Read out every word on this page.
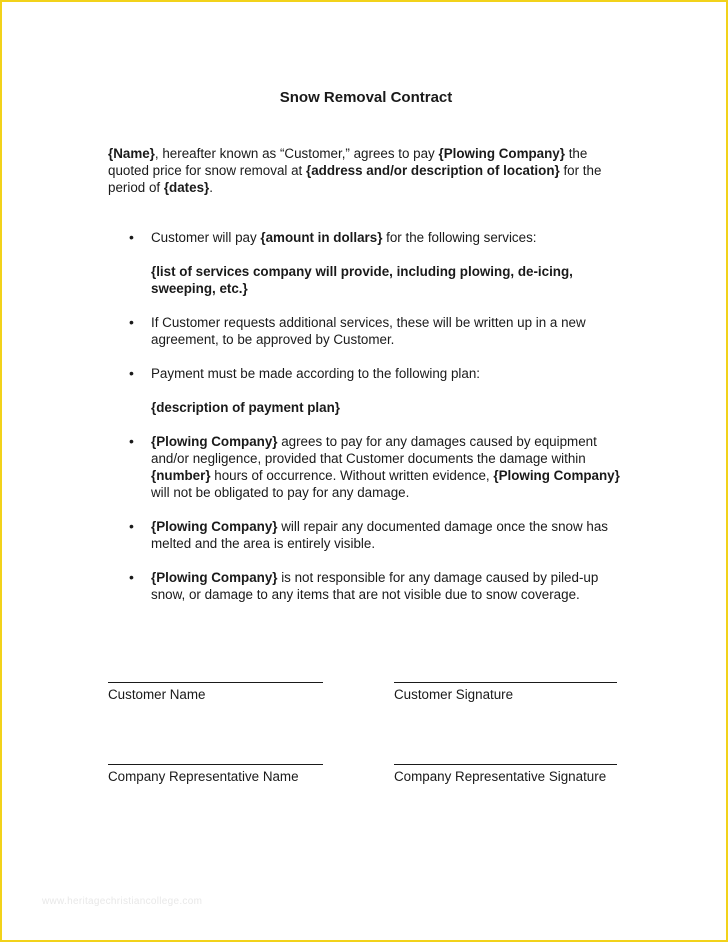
Snow Removal Contract
{Name}, hereafter known as “Customer,” agrees to pay {Plowing Company} the quoted price for snow removal at {address and/or description of location} for the period of {dates}.
• Customer will pay {amount in dollars} for the following services:
{list of services company will provide, including plowing, de-icing, sweeping, etc.}
• If Customer requests additional services, these will be written up in a new agreement, to be approved by Customer.
• Payment must be made according to the following plan:
{description of payment plan}
• {Plowing Company} agrees to pay for any damages caused by equipment and/or negligence, provided that Customer documents the damage within {number} hours of occurrence. Without written evidence, {Plowing Company} will not be obligated to pay for any damage.
• {Plowing Company} will repair any documented damage once the snow has melted and the area is entirely visible.
• {Plowing Company} is not responsible for any damage caused by piled-up snow, or damage to any items that are not visible due to snow coverage.
Customer Name	Customer Signature
Company Representative Name	Company Representative Signature
www.heritagechristiancollege.com
